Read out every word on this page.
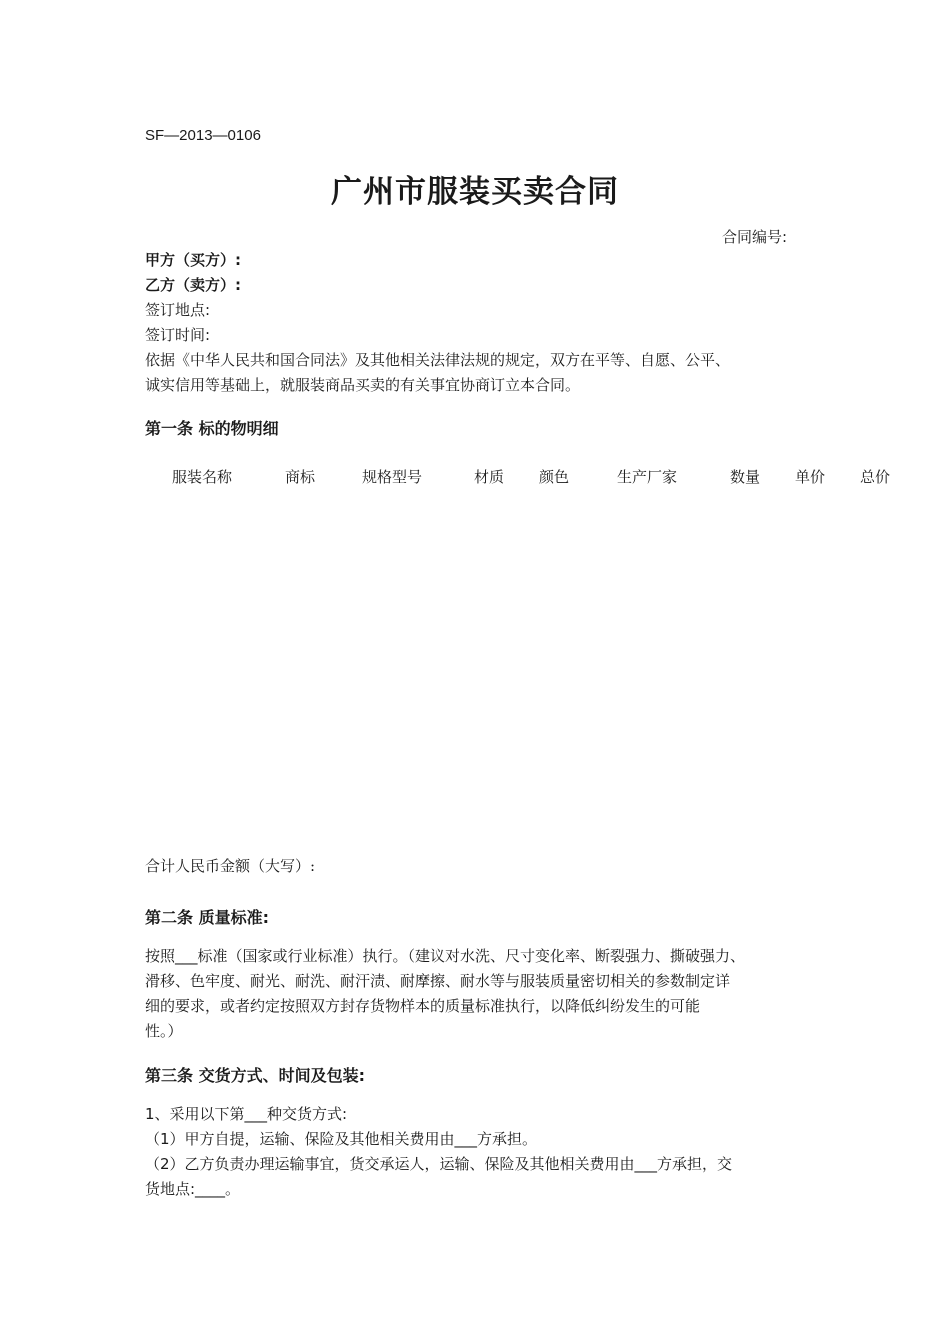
SF—2013—0106
广州市服装买卖合同
合同编号:
甲方（买方）:
乙方（卖方）:
签订地点:
签订时间:
依据《中华人民共和国合同法》及其他相关法律法规的规定，双方在平等、自愿、公平、
诚实信用等基础上，就服装商品买卖的有关事宜协商订立本合同。
第一条 标的物明细
服装名称	商标	规格型号	材质 颜色	生产厂家	数量 单价 总价
合计人民币金额（大写）:
第二条 质量标准:
按照___标准（国家或行业标准）执行。（建议对水洗、尺寸变化率、断裂强力、撕破强力、
滑移、色牢度、耐光、耐洗、耐汗渍、耐摩擦、耐水等与服装质量密切相关的参数制定详
细的要求，或者约定按照双方封存货物样本的质量标准执行，以降低纠纷发生的可能
性。）
第三条 交货方式、时间及包装:
1、采用以下第___种交货方式:
（1）甲方自提，运输、保险及其他相关费用由___方承担。
（2）乙方负责办理运输事宜，货交承运人，运输、保险及其他相关费用由___方承担，交
货地点:____。
